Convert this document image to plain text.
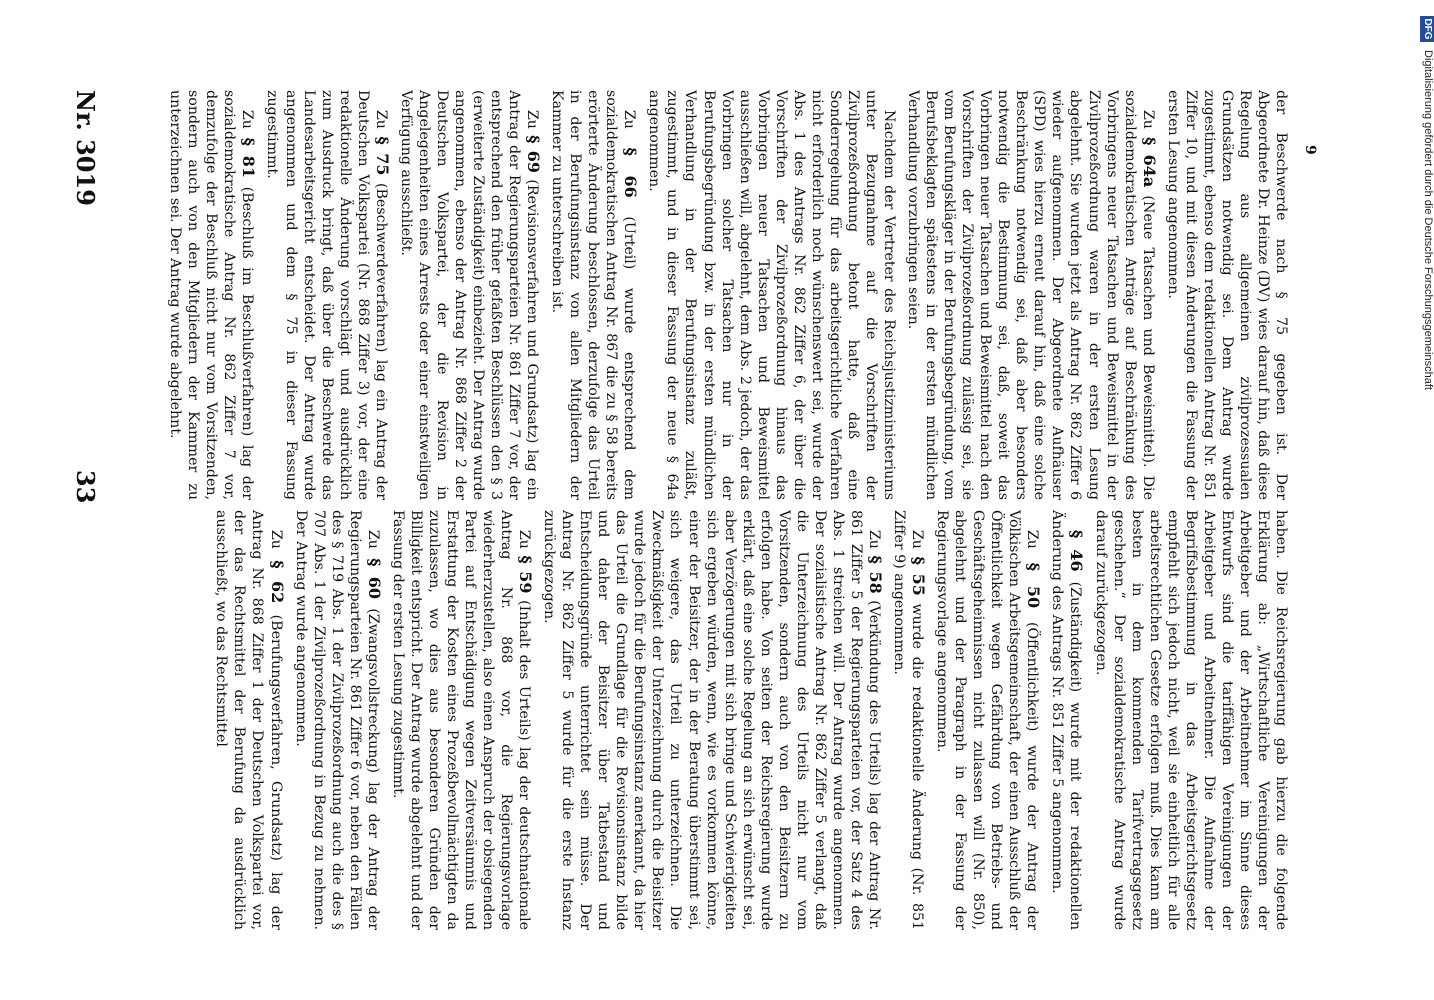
33
Nr. 3019	9

haben. Die Reichsregierung gab hierzu die folgende Erklärung ab: „Wirtschaftliche Vereinigungen der Arbeitgeber und der Arbeitnehmer im Sinne dieses Entwurfs sind die tariffähigen Vereinigungen der Arbeitgeber und Arbeitnehmer. Die Aufnahme der Begriffsbestimmung in das Arbeitsgerichtsgesetz empfiehlt sich jedoch nicht, weil sie einheitlich für alle arbeitsrechtlichen Gesetze erfolgen muß. Dies kann am besten in dem kommenden Tarifvertragsgesetz geschehen.“ Der sozialdemokratische Antrag wurde darauf zurückgezogen.

§ 46 (Zuständigkeit) wurde mit der redaktionellen Änderung des Antrags Nr. 851 Ziffer 5 angenommen.

Zu § 50 (Öffentlichkeit) wurde der Antrag der Völkischen Arbeitsgemeinschaft, der einen Ausschluß der Öffentlichkeit wegen Gefährdung von Betriebs- und Geschäftsgeheimnissen nicht zulassen will (Nr. 850), abgelehnt und der Paragraph in der Fassung der Regierungsvorlage angenommen.

Zu § 55 wurde die redaktionelle Änderung (Nr. 851 Ziffer 9) angenommen.

Zu § 58 (Verkündung des Urteils) lag der Antrag Nr. 861 Ziffer 5 der Regierungsparteien vor, der Satz 4 des Abs. 1 streichen will. Der Antrag wurde angenommen. Der sozialistische Antrag Nr. 862 Ziffer 5 verlangt, daß die Unterzeichnung des Urteils nicht nur vom Vorsitzenden, sondern auch von den Beisitzern zu erfolgen habe. Von seiten der Reichsregierung wurde erklärt, daß eine solche Regelung an sich erwünscht sei, aber Verzögerungen mit sich bringe und Schwierigkeiten sich ergeben würden, wenn, wie es vorkommen könne, einer der Beisitzer, der in der Beratung überstimmt sei, sich weigere, das Urteil zu unterzeichnen. Die Zweckmäßigkeit der Unterzeichnung durch die Beisitzer wurde jedoch für die Berufungsinstanz anerkannt, da hier das Urteil die Grundlage für die Revisionsinstanz bilde und daher der Beisitzer über Tatbestand und Entscheidungsgründe unterrichtet sein müsse. Der Antrag Nr. 862 Ziffer 5 wurde für die erste Instanz zurückgezogen.

Zu § 59 (Inhalt des Urteils) lag der deutschnationale Antrag Nr. 868 vor, die Regierungsvorlage wiederherzustellen, also einen Anspruch der obsiegenden Partei auf Entschädigung wegen Zeitversäumnis und Erstattung der Kosten eines Prozeßbevollmächtigten da zuzulassen, wo dies aus besonderen Gründen der Billigkeit entspricht. Der Antrag wurde abgelehnt und der Fassung der ersten Lesung zugestimmt.

Zu § 60 (Zwangsvollstreckung) lag der Antrag der Regierungsparteien Nr. 861 Ziffer 6 vor, neben den Fällen des § 719 Abs. 1 der Zivilprozeßordnung auch die des § 707 Abs. 1 der Zivilprozeßordnung in Bezug zu nehmen. Der Antrag wurde angenommen.

Zu § 62 (Berufungsverfahren, Grundsatz) lag der Antrag Nr. 868 Ziffer 1 der Deutschen Volkspartei vor, der das Rechtsmittel der Berufung da ausdrücklich ausschließt, wo das Rechtsmittel

der Beschwerde nach § 75 gegeben ist. Der Abgeordnete Dr. Heinze (DV) wies darauf hin, daß diese Regelung aus allgemeinen zivilprozessualen Grundsätzen notwendig sei. Dem Antrag wurde zugestimmt, ebenso dem redaktionellen Antrag Nr. 851 Ziffer 10, und mit diesen Änderungen die Fassung der ersten Lesung angenommen.

Zu § 64a (Neue Tatsachen und Beweismittel). Die sozialdemokratischen Anträge auf Beschränkung des Vorbringens neuer Tatsachen und Beweismittel in der Zivilprozeßordnung waren in der ersten Lesung abgelehnt. Sie wurden jetzt als Antrag Nr. 862 Ziffer 6 wieder aufgenommen. Der Abgeordnete Aufhäuser (SPD) wies hierzu erneut darauf hin, daß eine solche Beschränkung notwendig sei, daß aber besonders notwendig die Bestimmung sei, daß, soweit das Vorbringen neuer Tatsachen und Beweismittel nach den Vorschriften der Zivilprozeßordnung zulässig sei, sie vom Berufungskläger in der Berufungsbegründung, vom Berufsbeklagten spätestens in der ersten mündlichen Verhandlung vorzubringen seien.

Nachdem der Vertreter des Reichsjustizministeriums unter Bezugnahme auf die Vorschriften der Zivilprozeßordnung betont hatte, daß eine Sonderregelung für das arbeitsgerichtliche Verfahren nicht erforderlich noch wünschenswert sei, wurde der Abs. 1 des Antrags Nr. 862 Ziffer 6, der über die Vorschriften der Zivilprozeßordnung hinaus das Vorbringen neuer Tatsachen und Beweismittel ausschließen will, abgelehnt, dem Abs. 2 jedoch, der das Vorbringen solcher Tatsachen nur in der Berufungsbegründung bzw. in der ersten mündlichen Verhandlung in der Berufungsinstanz zuläßt, zugestimmt, und in dieser Fassung der neue § 64a angenommen.

Zu § 66 (Urteil) wurde entsprechend dem sozialdemokratischen Antrag Nr. 867 die zu § 58 bereits erörterte Änderung beschlossen, derzufolge das Urteil in der Berufungsinstanz von allen Mitgliedern der Kammer zu unterschreiben ist.

Zu § 69 (Revisionsverfahren und Grundsatz) lag ein Antrag der Regierungsparteien Nr. 861 Ziffer 7 vor, der entsprechend den früher gefaßten Beschlüssen den § 3 (erweiterte Zuständigkeit) einbezieht. Der Antrag wurde angenommen, ebenso der Antrag Nr. 868 Ziffer 2 der Deutschen Volkspartei, der die Revision in Angelegenheiten eines Arrests oder einer einstweiligen Verfügung ausschließt.

Zu § 75 (Beschwerdeverfahren) lag ein Antrag der Deutschen Volkspartei (Nr. 868 Ziffer 3) vor, der eine redaktionelle Änderung vorschlägt und ausdrücklich zum Ausdruck bringt, daß über die Beschwerde das Landesarbeitsgericht entscheidet. Der Antrag wurde angenommen und dem § 75 in dieser Fassung zugestimmt.

Zu § 81 (Beschluß im Beschlußverfahren) lag der sozialdemokratische Antrag Nr. 862 Ziffer 7 vor, demzufolge der Beschluß nicht nur vom Vorsitzenden, sondern auch von den Mitgliedern der Kammer zu unterzeichnen sei. Der Antrag wurde abgelehnt.

DFG
Digitalisierung gefördert durch die Deutsche Forschungsgemeinschaft
